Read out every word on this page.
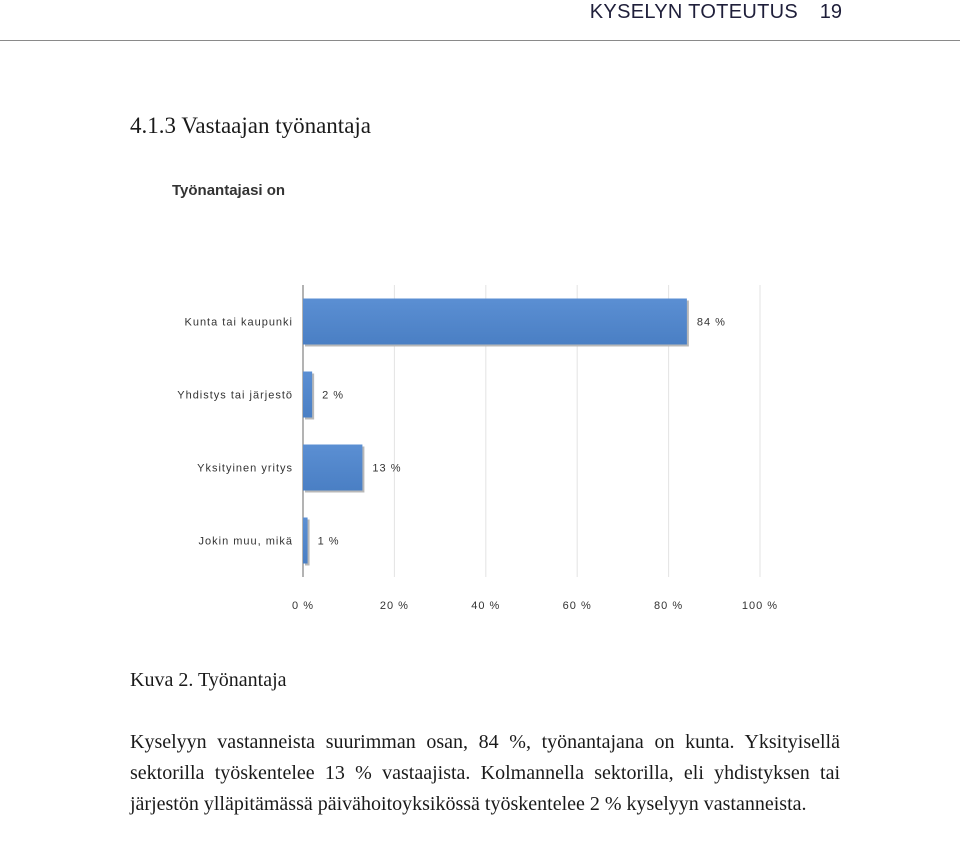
KYSELYN TOTEUTUS 19
4.1.3 Vastaajan työnantaja
Työnantajasi on
Kunta tai kaupunki	84 %
Yhdistys tai järjestö	2 %
Yksityinen yritys	13 %
Jokin muu, mikä 1 %
0 %	20 %	40 %	60 %	80 %	100 %
Kuva 2. Työnantaja
Kyselyyn vastanneista suurimman osan, 84 %, työnantajana on kunta. Yksityisellä sektorilla työskentelee 13 % vastaajista. Kolmannella sektorilla, eli yhdistyksen tai järjestön ylläpitämässä päivähoitoyksikössä työskentelee 2 % kyselyyn vastanneista.
